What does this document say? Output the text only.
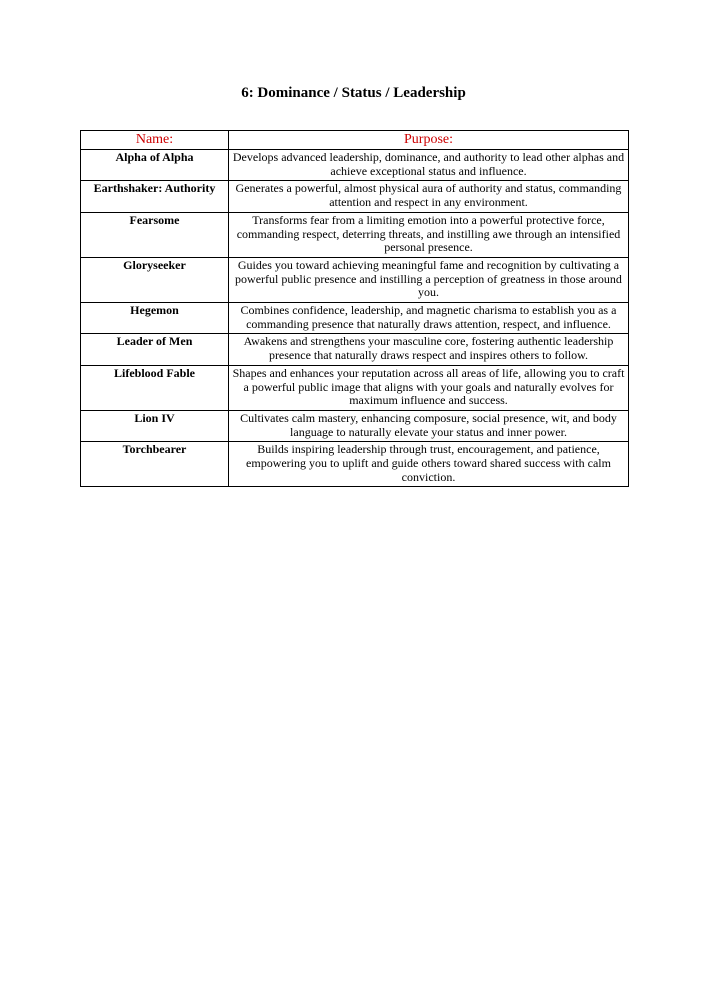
6: Dominance / Status / Leadership
Name:	Purpose:
Alpha of Alpha	Develops advanced leadership, dominance, and authority to lead other alphas and achieve exceptional status and influence.
Earthshaker: Authority	Generates a powerful, almost physical aura of authority and status, commanding attention and respect in any environment.
Fearsome	Transforms fear from a limiting emotion into a powerful protective force, commanding respect, deterring threats, and instilling awe through an intensified personal presence.
Gloryseeker	Guides you toward achieving meaningful fame and recognition by cultivating a powerful public presence and instilling a perception of greatness in those around you.
Hegemon	Combines confidence, leadership, and magnetic charisma to establish you as a commanding presence that naturally draws attention, respect, and influence.
Leader of Men	Awakens and strengthens your masculine core, fostering authentic leadership presence that naturally draws respect and inspires others to follow.
Lifeblood Fable	Shapes and enhances your reputation across all areas of life, allowing you to craft a powerful public image that aligns with your goals and naturally evolves for maximum influence and success.
Lion IV	Cultivates calm mastery, enhancing composure, social presence, wit, and body language to naturally elevate your status and inner power.
Torchbearer	Builds inspiring leadership through trust, encouragement, and patience, empowering you to uplift and guide others toward shared success with calm conviction.
